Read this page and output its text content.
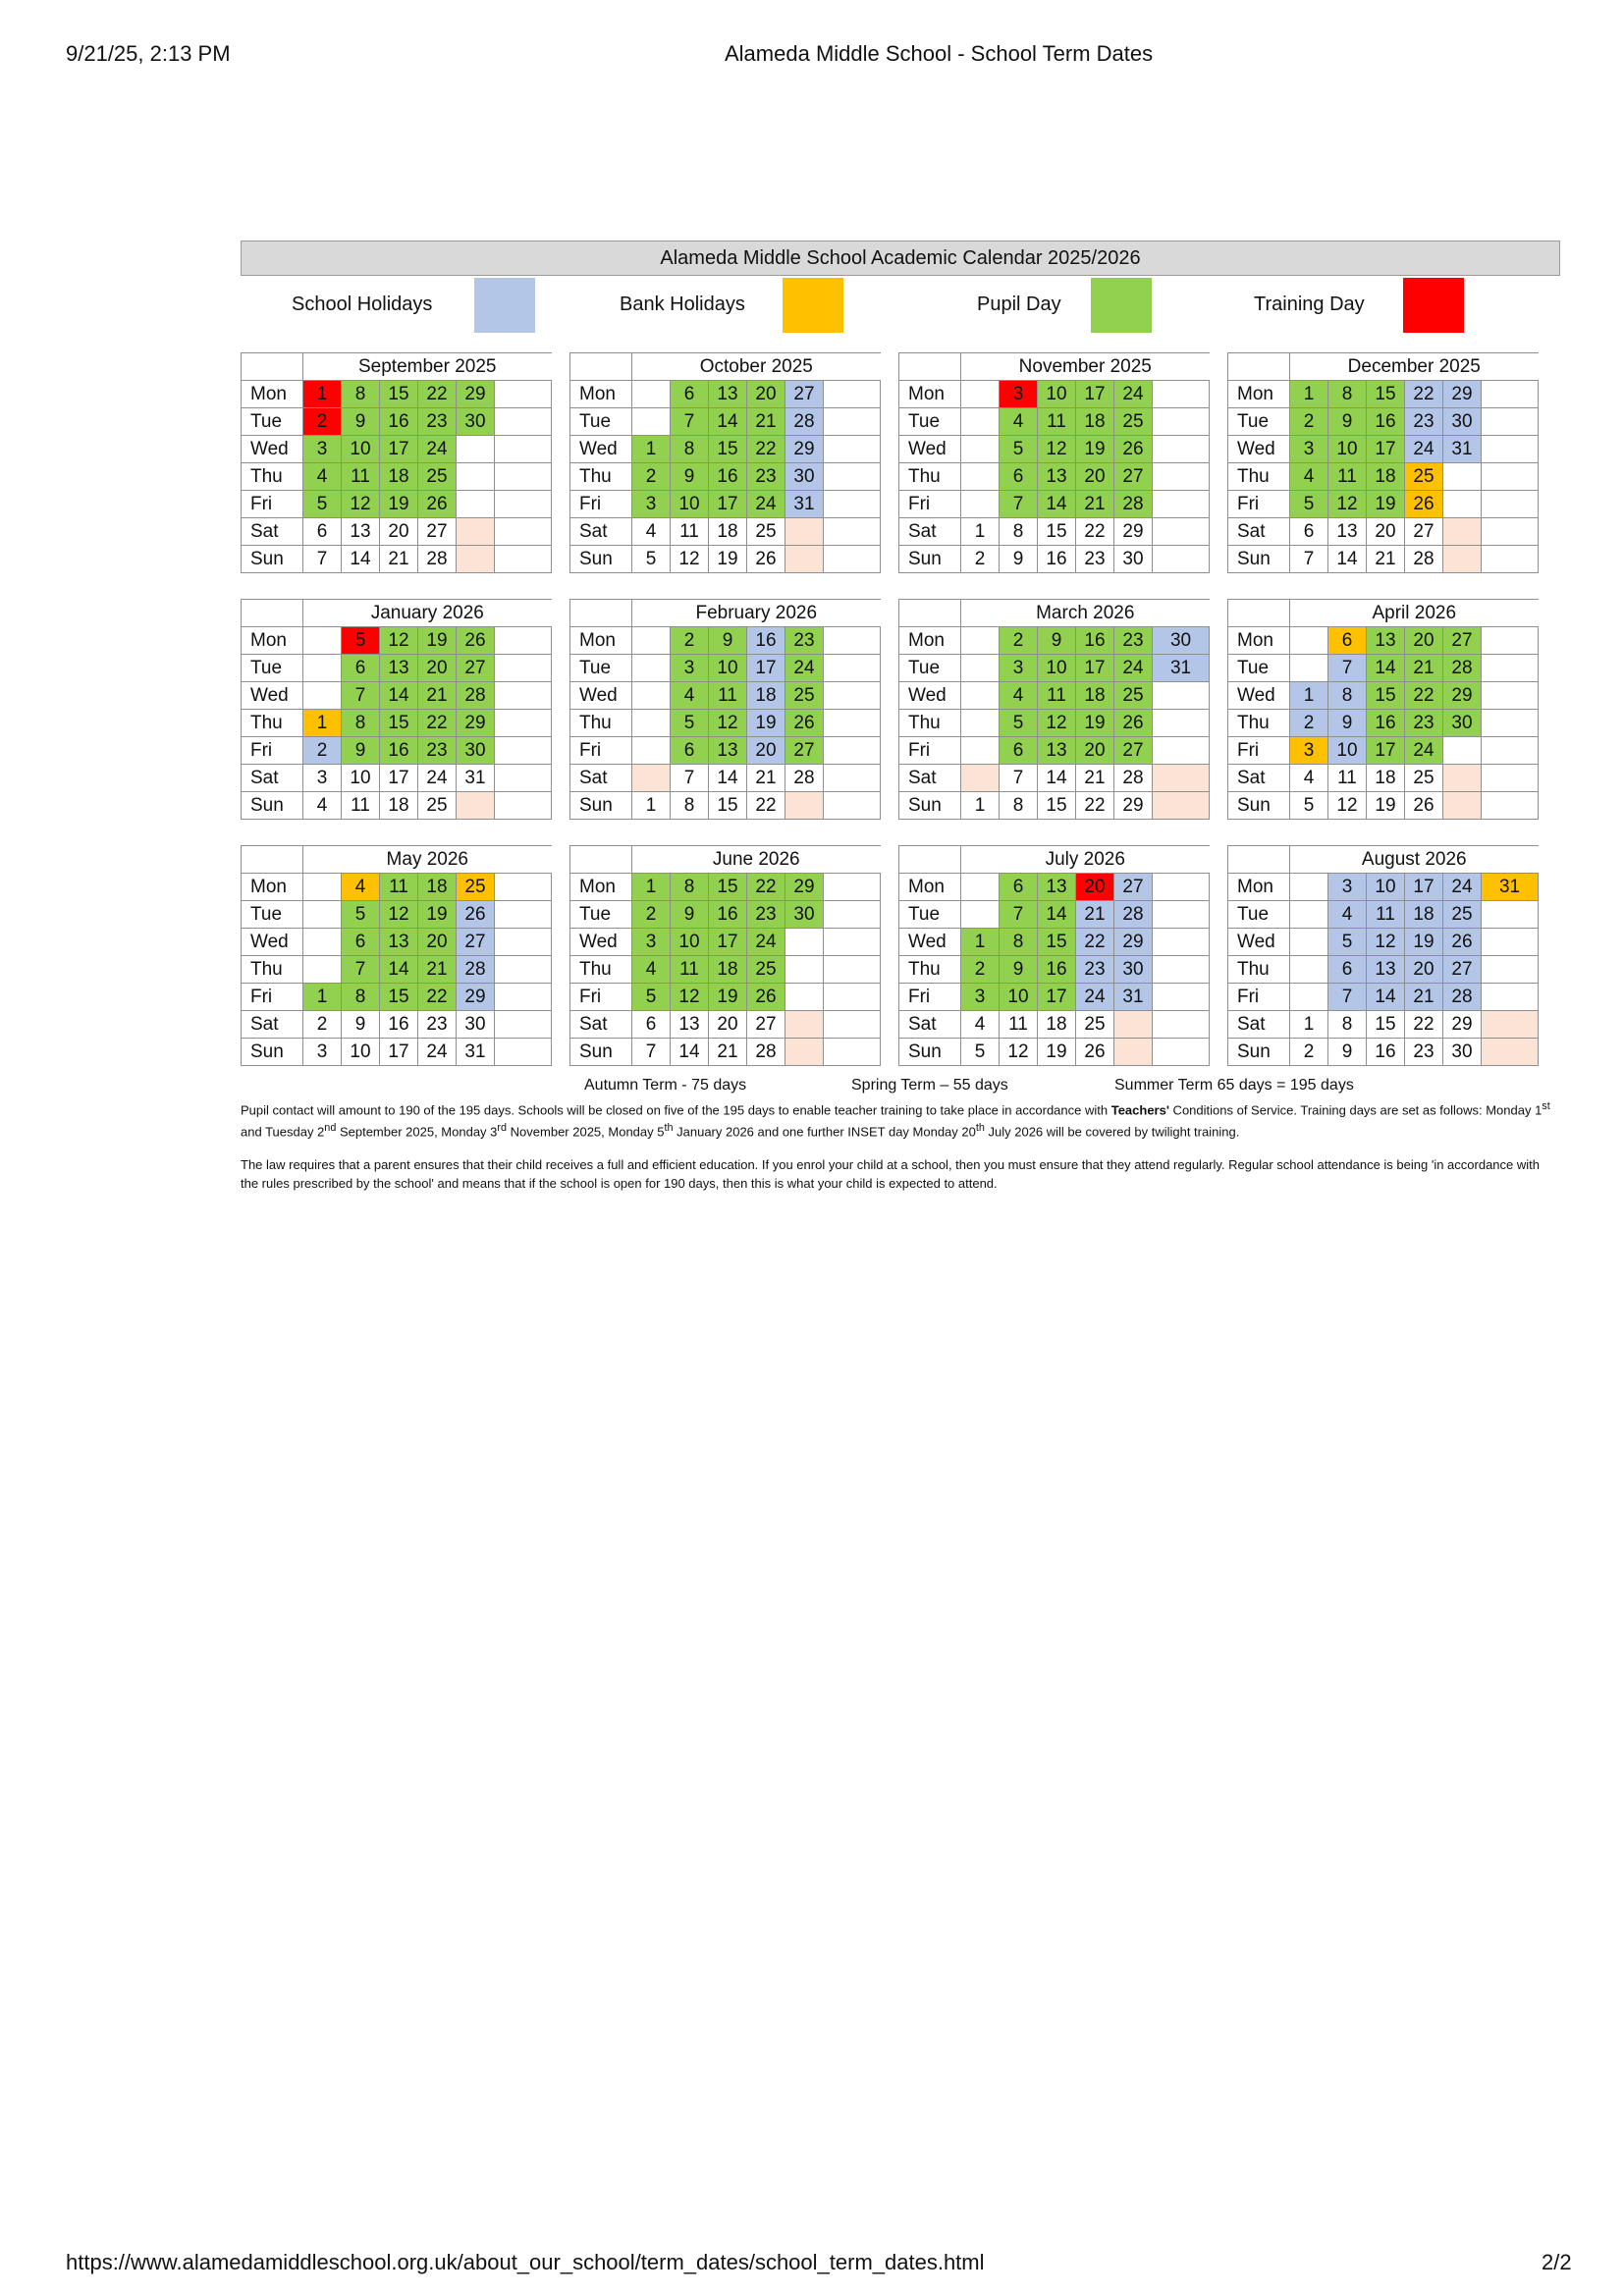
9/21/25, 2:13 PM	Alameda Middle School - School Term Dates
Alameda Middle School Academic Calendar 2025/2026
School Holidays	Bank Holidays	Pupil Day	Training Day
	September 2025					
Mon	1	8	15	22	29	
Tue	2	9	16	23	30	
Wed	3	10	17	24		
Thu	4	11	18	25		
Fri	5	12	19	26		
Sat	6	13	20	27		
Sun	7	14	21	28		
	October 2025					
Mon		6	13	20	27	
Tue		7	14	21	28	
Wed	1	8	15	22	29	
Thu	2	9	16	23	30	
Fri	3	10	17	24	31	
Sat	4	11	18	25		
Sun	5	12	19	26		
	November 2025					
Mon		3	10	17	24	
Tue		4	11	18	25	
Wed		5	12	19	26	
Thu		6	13	20	27	
Fri		7	14	21	28	
Sat	1	8	15	22	29	
Sun	2	9	16	23	30	
	December 2025					
Mon	1	8	15	22	29	
Tue	2	9	16	23	30	
Wed	3	10	17	24	31	
Thu	4	11	18	25		
Fri	5	12	19	26		
Sat	6	13	20	27		
Sun	7	14	21	28		
	January 2026					
Mon		5	12	19	26	
Tue		6	13	20	27	
Wed		7	14	21	28	
Thu	1	8	15	22	29	
Fri	2	9	16	23	30	
Sat	3	10	17	24	31	
Sun	4	11	18	25		
	February 2026					
Mon		2	9	16	23	
Tue		3	10	17	24	
Wed		4	11	18	25	
Thu		5	12	19	26	
Fri		6	13	20	27	
Sat		7	14	21	28	
Sun	1	8	15	22		
	March 2026					
Mon		2	9	16	23	30
Tue		3	10	17	24	31
Wed		4	11	18	25	
Thu		5	12	19	26	
Fri		6	13	20	27	
Sat		7	14	21	28	
Sun	1	8	15	22	29	
	April 2026					
Mon		6	13	20	27	
Tue		7	14	21	28	
Wed	1	8	15	22	29	
Thu	2	9	16	23	30	
Fri	3	10	17	24		
Sat	4	11	18	25		
Sun	5	12	19	26		
	May 2026					
Mon		4	11	18	25	
Tue		5	12	19	26	
Wed		6	13	20	27	
Thu		7	14	21	28	
Fri	1	8	15	22	29	
Sat	2	9	16	23	30	
Sun	3	10	17	24	31	
	June 2026					
Mon	1	8	15	22	29	
Tue	2	9	16	23	30	
Wed	3	10	17	24		
Thu	4	11	18	25		
Fri	5	12	19	26		
Sat	6	13	20	27		
Sun	7	14	21	28		
	July 2026					
Mon		6	13	20	27	
Tue		7	14	21	28	
Wed	1	8	15	22	29	
Thu	2	9	16	23	30	
Fri	3	10	17	24	31	
Sat	4	11	18	25		
Sun	5	12	19	26		
	August 2026					
Mon		3	10	17	24	31
Tue		4	11	18	25	
Wed		5	12	19	26	
Thu		6	13	20	27	
Fri		7	14	21	28	
Sat	1	8	15	22	29	
Sun	2	9	16	23	30	
Autumn Term - 75 days	Spring Term – 55 days	Summer Term 65 days = 195 days

Pupil contact will amount to 190 of the 195 days. Schools will be closed on five of the 195 days to enable teacher training to take place in accordance with Teachers' Conditions of Service. Training days are set as follows: Monday 1st and Tuesday 2nd September 2025, Monday 3rd November 2025, Monday 5th January 2026 and one further INSET day Monday 20th July 2026 will be covered by twilight training.

The law requires that a parent ensures that their child receives a full and efficient education. If you enrol your child at a school, then you must ensure that they attend regularly. Regular school attendance is being 'in accordance with the rules prescribed by the school' and means that if the school is open for 190 days, then this is what your child is expected to attend.

https://www.alamedamiddleschool.org.uk/about_our_school/term_dates/school_term_dates.html	2/2
